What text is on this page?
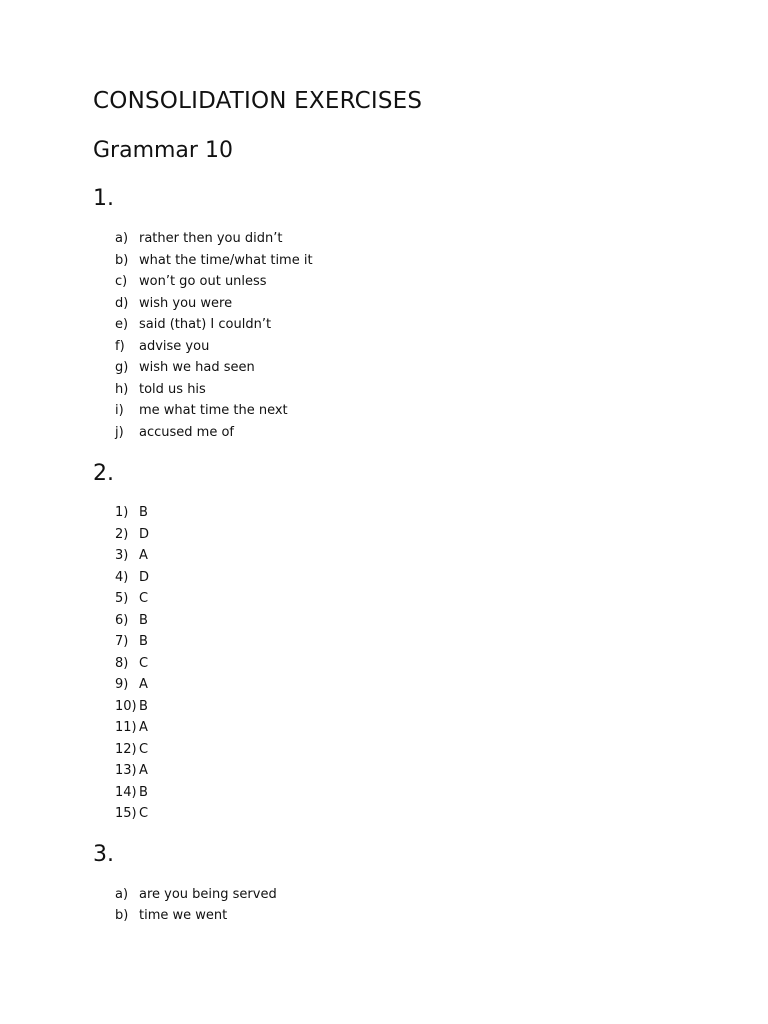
CONSOLIDATION EXERCISES
Grammar 10
1.
a) rather then you didn’t
b) what the time/what time it
c) won’t go out unless
d) wish you were
e) said (that) I couldn’t
f) advise you
g) wish we had seen
h) told us his
i) me what time the next
j) accused me of
2.
1) B
2) D
3) A
4) D
5) C
6) B
7) B
8) C
9) A
10) B
11) A
12) C
13) A
14) B
15) C
3.
a) are you being served
b) time we went
